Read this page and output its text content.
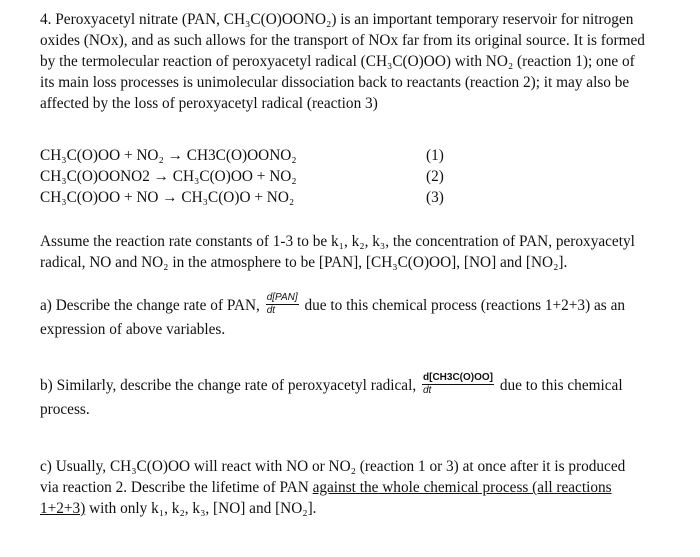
4. Peroxyacetyl nitrate (PAN, CH₃C(O)OONO₂) is an important temporary reservoir for nitrogen
oxides (NOx), and as such allows for the transport of NOx far from its original source. It is formed
by the termolecular reaction of peroxyacetyl radical (CH₃C(O)OO) with NO₂ (reaction 1); one of
its main loss processes is unimolecular dissociation back to reactants (reaction 2); it may also be
affected by the loss of peroxyacetyl radical (reaction 3)
CH₃C(O)OO + NO₂ → CH3C(O)OONO₂	(1)
CH₃C(O)OONO2 → CH₃C(O)OO + NO₂	(2)
CH₃C(O)OO + NO → CH₃C(O)O + NO₂	(3)
Assume the reaction rate constants of 1-3 to be k₁, k₂, k₃, the concentration of PAN, peroxyacetyl
radical, NO and NO₂ in the atmosphere to be [PAN], [CH₃C(O)OO], [NO] and [NO₂].
a) Describe the change rate of PAN, $\frac{\text{d[PAN]}}{dt}$ due to this chemical process (reactions 1+2+3) as an
expression of above variables.
b) Similarly, describe the change rate of peroxyacetyl radical, $\frac{d[CH3C(O)OO]}{dt}$ due to this chemical
process.
c) Usually, CH₃C(O)OO will react with NO or NO₂ (reaction 1 or 3) at once after it is produced
via reaction 2. Describe the lifetime of PAN against the whole chemical process (all reactions
1+2+3) with only k₁, k₂, k₃, [NO] and [NO₂].
